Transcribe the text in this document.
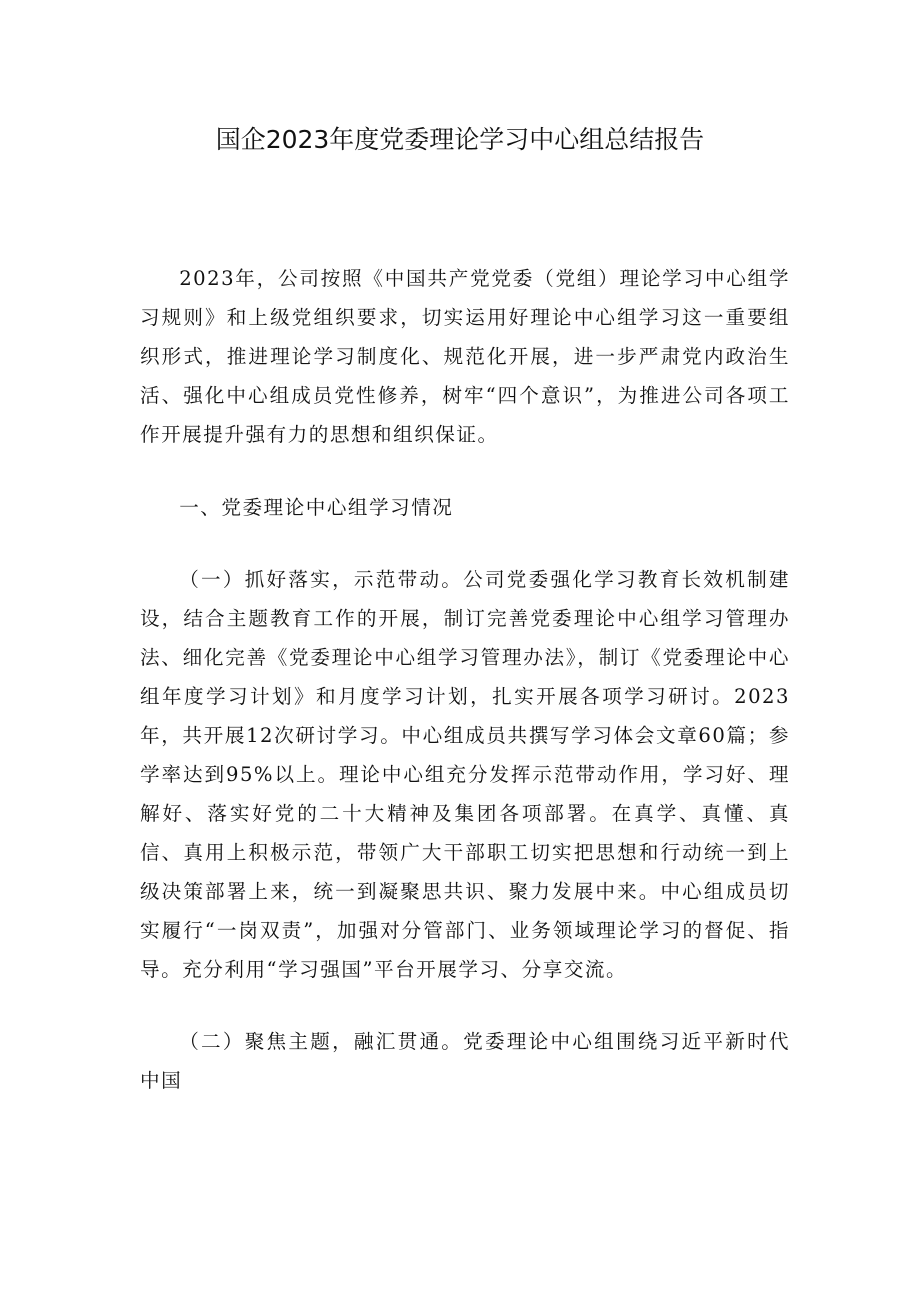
国企2023年度党委理论学习中心组总结报告

2023年，公司按照《中国共产党党委（党组）理论学习中心组学习规则》和上级党组织要求，切实运用好理论中心组学习这一重要组织形式，推进理论学习制度化、规范化开展，进一步严肃党内政治生活、强化中心组成员党性修养，树牢“四个意识”，为推进公司各项工作开展提升强有力的思想和组织保证。

一、党委理论中心组学习情况

（一）抓好落实，示范带动。公司党委强化学习教育长效机制建设，结合主题教育工作的开展，制订完善党委理论中心组学习管理办法、细化完善《党委理论中心组学习管理办法》，制订《党委理论中心组年度学习计划》和月度学习计划，扎实开展各项学习研讨。2023年，共开展12次研讨学习。中心组成员共撰写学习体会文章60篇；参学率达到95%以上。理论中心组充分发挥示范带动作用，学习好、理解好、落实好党的二十大精神及集团各项部署。在真学、真懂、真信、真用上积极示范，带领广大干部职工切实把思想和行动统一到上级决策部署上来，统一到凝聚思共识、聚力发展中来。中心组成员切实履行“一岗双责”，加强对分管部门、业务领域理论学习的督促、指导。充分利用“学习强国”平台开展学习、分享交流。

（二）聚焦主题，融汇贯通。党委理论中心组围绕习近平新时代中国
